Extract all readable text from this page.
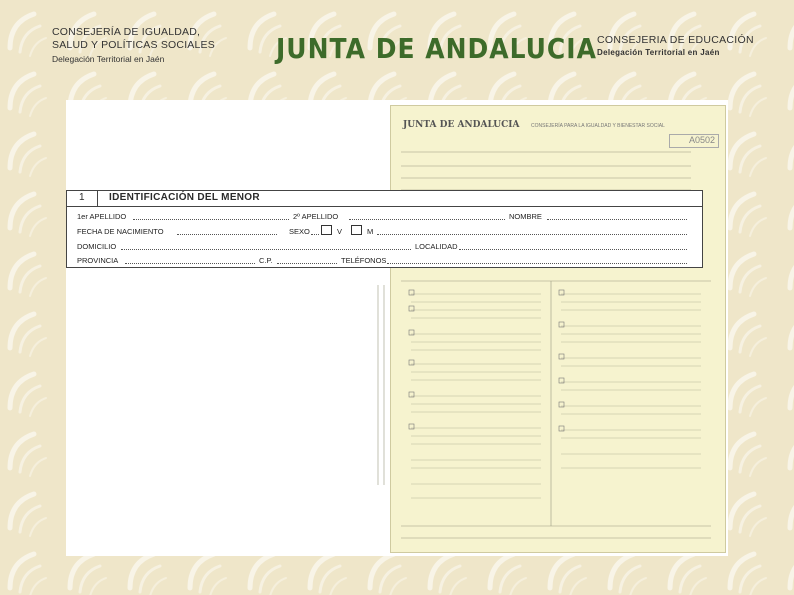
CONSEJERÍA DE IGUALDAD,
SALUD Y POLÍTICAS SOCIALES
Delegación Territorial en Jaén	JUNTA DE ANDALUCIA CONSEJERIA DE EDUCACIÓN
Delegación Territorial en Jaén
JUNTA DE ANDALUCIA CONSEJERÍA PARA LA IGUALDAD Y BIENESTAR SOCIAL
A0502
1 IDENTIFICACIÓN DEL MENOR
1er APELLIDO	2º APELLIDO	NOMBRE
FECHA DE NACIMIENTO	SEXO	V	M
DOMICILIO	LOCALIDAD
PROVINCIA	C.P.	TELÉFONOS
